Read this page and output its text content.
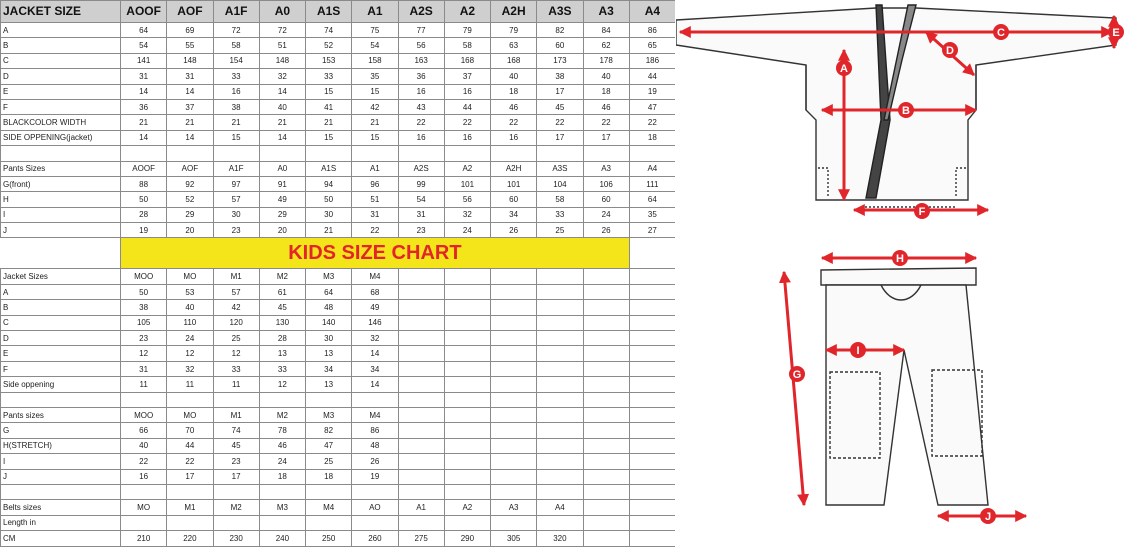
JACKET SIZE	AOOF	AOF	A1F	A0	A1S	A1	A2S	A2	A2H	A3S	A3	A4
A	64	69	72	72	74	75	77	79	79	82	84	86
B	54	55	58	51	52	54	56	58	63	60	62	65
C	141	148	154	148	153	158	163	168	168	173	178	186
D	31	31	33	32	33	35	36	37	40	38	40	44
E	14	14	16	14	15	15	16	16	18	17	18	19
F	36	37	38	40	41	42	43	44	46	45	46	47
BLACKCOLOR WIDTH	21	21	21	21	21	21	22	22	22	22	22	22
SIDE OPPENING(jacket)	14	14	15	14	15	15	16	16	16	17	17	18

Pants Sizes	AOOF	AOF	A1F	A0	A1S	A1	A2S	A2	A2H	A3S	A3	A4
G(front)	88	92	97	91	94	96	99	101	101	104	106	111
H	50	52	57	49	50	51	54	56	60	58	60	64
I	28	29	30	29	30	31	31	32	34	33	24	35
J	19	20	23	20	21	22	23	24	26	25	26	27
	KIDS SIZE CHART											
Jacket Sizes	MOO	MO	M1	M2	M3	M4						
A	50	53	57	61	64	68						
B	38	40	42	45	48	49						
C	105	110	120	130	140	146						
D	23	24	25	28	30	32						
E	12	12	12	13	13	14						
F	31	32	33	33	34	34						
Side oppening	11	11	11	12	13	14						

Pants sizes	MOO	MO	M1	M2	M3	M4						
G	66	70	74	78	82	86						
H(STRETCH)	40	44	45	46	47	48						
I	22	22	23	24	25	26						
J	16	17	17	18	18	19						

Belts sizes	MO	M1	M2	M3	M4	AO	A1	A2	A3	A4		
Length in												
CM	210	220	230	240	250	260	275	290	305	320		
A
B
C
D
E
F
G
H
I
J
